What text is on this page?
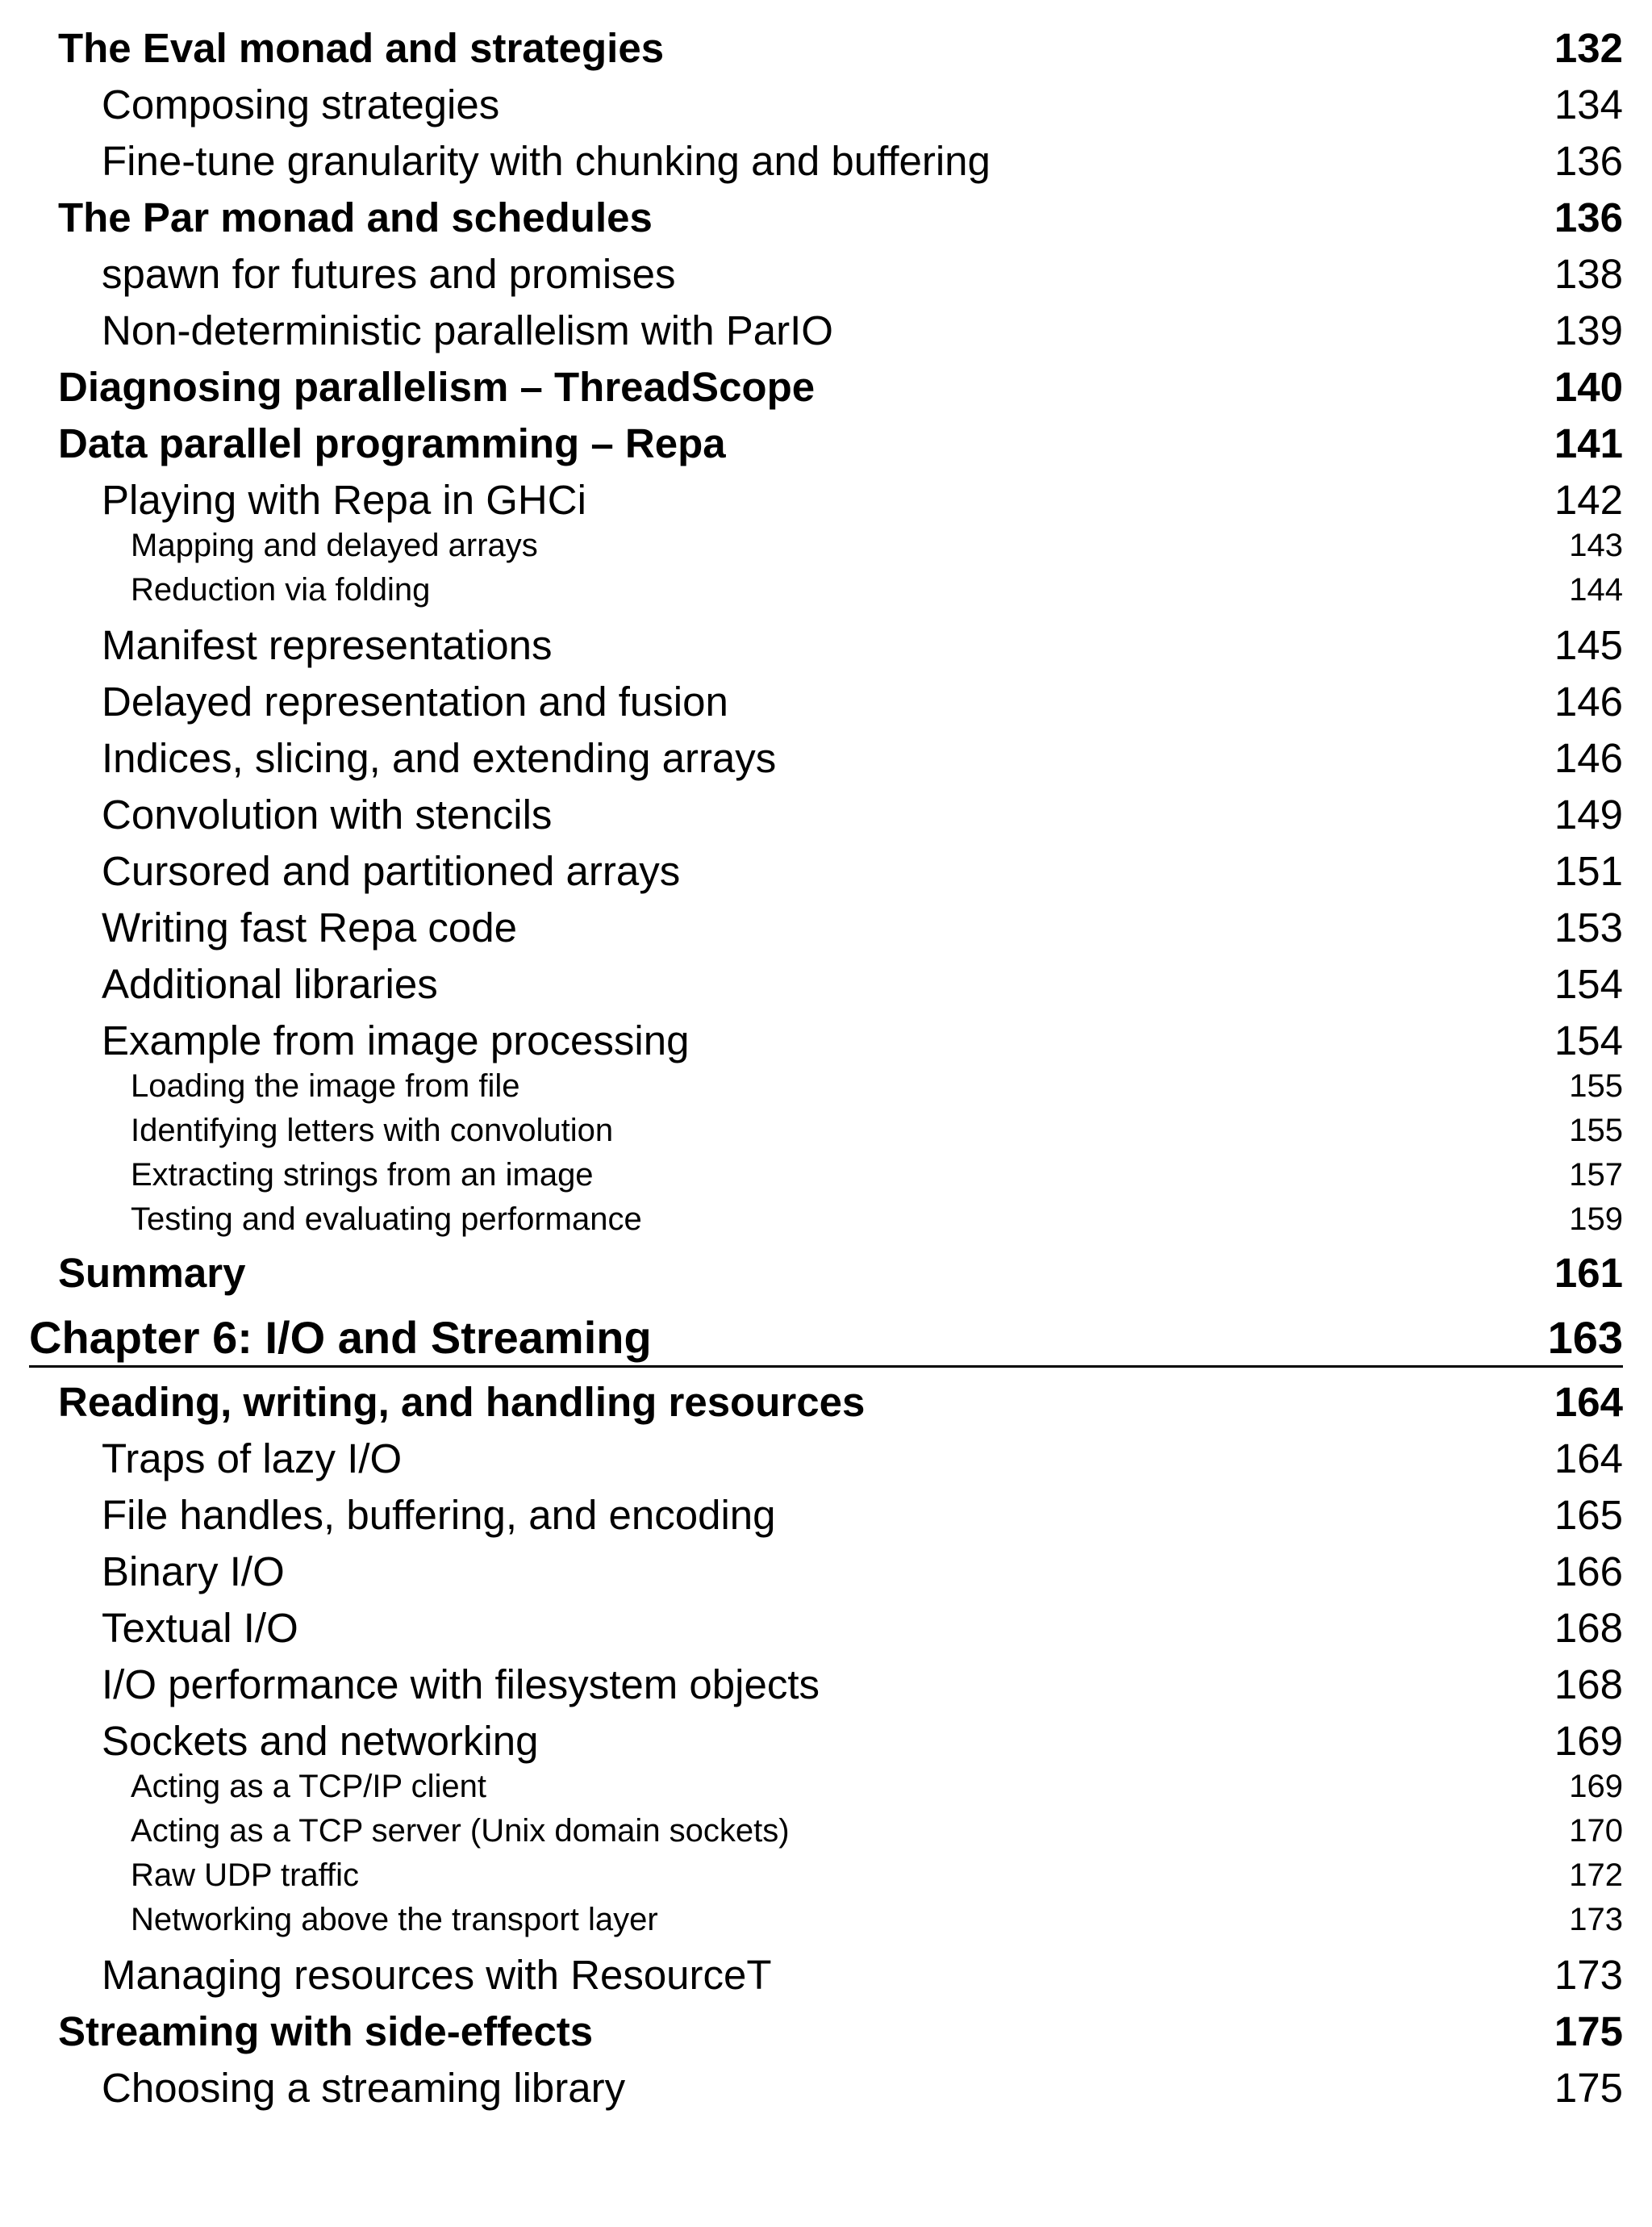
The Eval monad and strategies	132
Composing strategies	134
Fine-tune granularity with chunking and buffering	136
The Par monad and schedules	136
spawn for futures and promises	138
Non-deterministic parallelism with ParIO	139
Diagnosing parallelism – ThreadScope	140
Data parallel programming – Repa	141
Playing with Repa in GHCi	142
Mapping and delayed arrays	143
Reduction via folding	144
Manifest representations	145
Delayed representation and fusion	146
Indices, slicing, and extending arrays	146
Convolution with stencils	149
Cursored and partitioned arrays	151
Writing fast Repa code	153
Additional libraries	154
Example from image processing	154
Loading the image from file	155
Identifying letters with convolution	155
Extracting strings from an image	157
Testing and evaluating performance	159
Summary	161
Chapter 6: I/O and Streaming	163
Reading, writing, and handling resources	164
Traps of lazy I/O	164
File handles, buffering, and encoding	165
Binary I/O	166
Textual I/O	168
I/O performance with filesystem objects	168
Sockets and networking	169
Acting as a TCP/IP client	169
Acting as a TCP server (Unix domain sockets)	170
Raw UDP traffic	172
Networking above the transport layer	173
Managing resources with ResourceT	173
Streaming with side-effects	175
Choosing a streaming library	175
